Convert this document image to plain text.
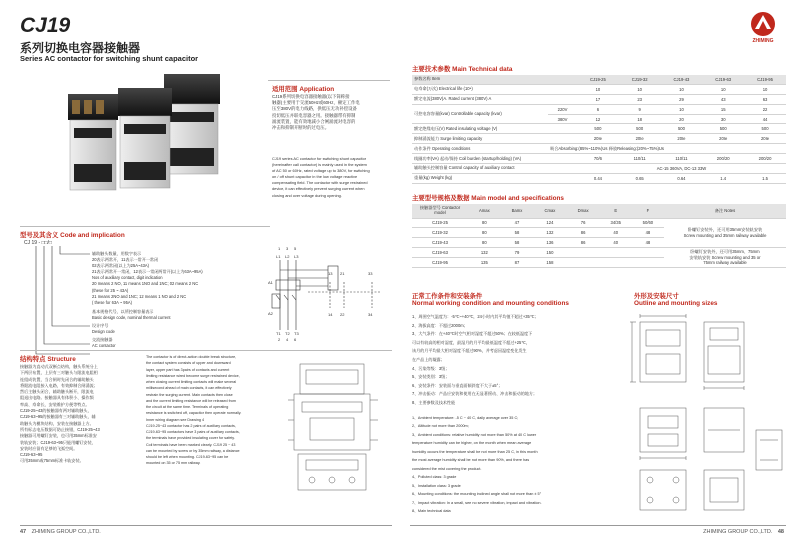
CJ19
系列切换电容器接触器
Series AC contactor for switching shunt capacitor
ZHIMING
适用范围 Application
CJ19系列切换电容器接触器(以下简称接
触器)主要用于交流50Hz或60Hz，额定工作电
压至380V的电力线路，供低压无功补偿设备
投切低压并联电容器之用。接触器带有抑制
涌流装置，能有效地减小合闸涌流对电容的
冲击和抑制开断时的过电压。
CJ19 series AC contactor for switching shunt capacitor
(hereinafter call contactor) is mainly used in the system
of AC 50 or 60Hz, rated voltage up to 380V, for switching
on / off shunt capacitor in the low voltage reactive
compensating field. The contactor with surge restrained
device, it can effectively prevent surging current when
closing and over voltage during opening.
型号及其含义 Code and implication
CJ 19 - □□/□
辅助触头数量，用数字表示
20表示两常开，11表示一常开一常闭
02表示两常闭(以上为25A~43A)
21表示两常开一常闭，12表示一常闭两常开(以上为63A~95A)
Nos of auxiliary contact, digit indication
20 means 2 NO, 11 means 1NO and 1NC; 02 means 2 NC
(these for 25 ~ 43A)
21 means 2NO and 1NC; 12 means 1 NO and 2 NC
( these for 63A ~ 95A)
基本规格代号，以所控制容量表示
Basic design code, nominal thermal current
设计序号
Design code
交流接触器
AC contactor
1 3 5
L1 L2 L3
A1
A2
13 21	33
14 22	34
T1 T2 T3
2 4 6
结构特点 Structure
接触器为直动式双断点结构，触头系统分上
下两层布置，上层有三对触头与限流电阻相
连组成装置，当合闸时先闭合的辅助触头
将限流电阻接入电路，有效抑制合闸涌流；
然后主触头闭合，辅助触头断开，限流电
阻退出电路。接触器具有体积小、操作频
率高、寿命长、安装维护方便等特点。
CJ19-25~43的接触器有两对辅助触头，
CJ19-63~95的接触器有三对辅助触头，辅
助触头为模块结构，安装在接触器上方。
所有标志电压数据可防止接错，CJ19-25~43
接触器可用螺钉安装，也可用35mm标准安
装轨安装；CJ19-63~95只能用螺钉安装，
安装时应留有足够的飞弧空间。
CJ19-63~95
可用35mm或75mm标准卡轨安装。
The contactor is of direct-action double break structure,
the contact system consists of upper and downward
layer, upper part has 3pairs of contacts and current
limiting resistance wired become surge restrained device,
when closing current limiting contacts will make several
millisecond ahead of main contacts, it can effectively
restrain the surging current. Main contacts then close
and the current limiting resistance will be released from
the circuit at the same time. Terminals of operating
resistance is switched off, capacitor then operate normally.
Inner wiring diagram see Drawing 4
CJ19-25~43 contactor has 2 pairs of auxiliary contacts,
CJ19-63~95 contactors have 3 pairs of auxiliary contacts,
the terminals have provided insulating cover for safety.
Coil terminals have been marked clearly. CJ19 25 ~ 43
can be mounted by screw or by 35mm railway, a distance
should be left when mounting. CJ19-63~95 can be
mounted on 35 or 75 mm railway.
主要技术参数 Main Technical data
参数名称 Item		CJ19-25	CJ19-32	CJ19-43	CJ19-63	CJ19-95
电寿命(万次) Electrical life (10⁴)		10	10	10	10	10
额定电流(380V)A. Rated current (380V) A		17	23	29	43	63
可控电容容量(kvar) Controllable capacity (kvar)	220V	6	9	10	15	22
	380V	12	18	20	30	44
额定绝缘电压(V) Rated insulating voltage (V)		500	500	500	500	500
抑制涌流能力 Surge limiting capacity		20Ie	20Ie	20Ie	20Ie	20Ie
动作条件 Operating conditions	吸合Absorbing:(85%~110%)Us 释放Releasing:(20%~75%)Us					
线圈功率(VA) 起动/保持 Coil burden (startup/holding) (VA)		70/6	110/11	110/11	200/20	200/20
辅助触头控制容量 Control capacity of auxiliary contact		AC-15 360VA, DC-13 33W				
重量(kg) Weight (kg)		0.44	0.65	0.64	1.4	1.5
主要型号规格及数据 Main model and specifications
接触器型号 Contactor model	Amax	Bamx	Cmax	Dmax	E	F	备注 Notes
CJ19-25	80	47	124	76	34/35	50/60	卧螺钉安装外，还可用35mm安装轨安装
Screw mounting and 35mm railway available

CJ19-32	80	58	132	86	40	48	
CJ19-43	80	58	136	86	40	48	
CJ19-63	132	79	150				卧螺钉安装外，还可用35mm、75mm
安装轨安装 Screw mounting and 35 or
75mm railway available

CJ19-95	135	87	158				
正常工作条件和安装条件
Normal working condition and mounting conditions
1、周围空气温度为：-5℃~+40℃，24小时内其平均值不超过+35℃；
2、海拔高度：不超过2000m；
3、大气条件：在+40℃时空气相对湿度不超过50%；在较低温度下
可以有较高的相对湿度，最湿月的月平均最低温度不超过+25℃，
该月的月平均最大相对湿度不超过90%，并考虑因温度变化发生
在产品上的凝露；
4、污染等级：3级；
5、安装类别：3级；
6、安装条件：安装面与垂直面倾斜度不大于±5°；
7、冲击振动：产品应安装和使用在无显著摇动、冲击和振动的地方；
8、主要参数及技术性能
1、Ambient temperature: -5 C ~ 40 C, daily average over 35 C;
2、Altitude not more than 2000m;
3、Ambient conditions: relative humidity not more than 50% at 40 C lower
temperature humidity can be higher, on the month when mean average
humidity occurs the temperature shall be not more than 25 C, in this month
the most average humidity shall be not more than 90%, and there has
considered the mist covering the product.
4、Polluted class: 3 grade
5、Installation class: 3 grade
6、Mounting conditions: the mounting inclined angle shall not more than ± 5°
7、Impact vibration: In a small, see no severe vibration, impact and vibration.
8、Main technical data
外形及安装尺寸
Outline and mounting sizes
47 ZHIMING GROUP CO.,LTD.	ZHIMING GROUP CO.,LTD. 48
